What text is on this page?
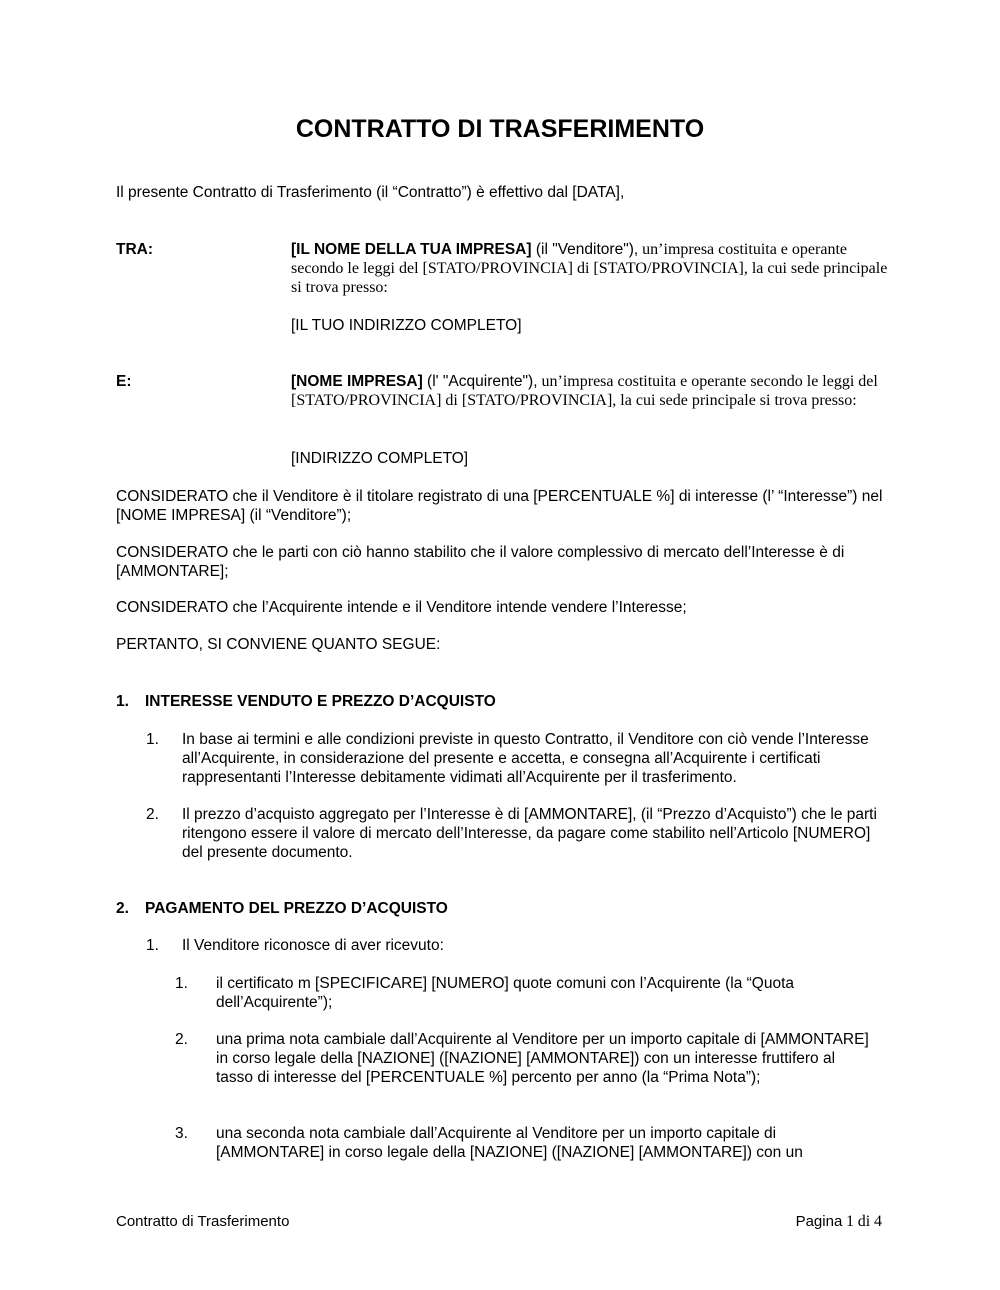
CONTRATTO DI TRASFERIMENTO
Il presente Contratto di Trasferimento (il “Contratto”) è effettivo dal [DATA],
TRA:	[IL NOME DELLA TUA IMPRESA] (il "Venditore"), un’impresa costituita e operante secondo le leggi del [STATO/PROVINCIA] di [STATO/PROVINCIA], la cui sede principale si trova presso:
[IL TUO INDIRIZZO COMPLETO]
E:	[NOME IMPRESA] (l' "Acquirente"), un’impresa costituita e operante secondo le leggi del [STATO/PROVINCIA] di [STATO/PROVINCIA], la cui sede principale si trova presso:
[INDIRIZZO COMPLETO]
CONSIDERATO che il Venditore è il titolare registrato di una [PERCENTUALE %] di interesse (l’ “Interesse”) nel [NOME IMPRESA] (il “Venditore”);
CONSIDERATO che le parti con ciò hanno stabilito che il valore complessivo di mercato dell’Interesse è di [AMMONTARE];
CONSIDERATO che l’Acquirente intende e il Venditore intende vendere l’Interesse;
PERTANTO, SI CONVIENE QUANTO SEGUE:
1. INTERESSE VENDUTO E PREZZO D’ACQUISTO
1. In base ai termini e alle condizioni previste in questo Contratto, il Venditore con ciò vende l’Interesse all’Acquirente, in considerazione del presente e accetta, e consegna all’Acquirente i certificati rappresentanti l’Interesse debitamente vidimati all’Acquirente per il trasferimento.
2. Il prezzo d’acquisto aggregato per l’Interesse è di [AMMONTARE], (il “Prezzo d’Acquisto”) che le parti ritengono essere il valore di mercato dell’Interesse, da pagare come stabilito nell’Articolo [NUMERO] del presente documento.
2. PAGAMENTO DEL PREZZO D’ACQUISTO
1. Il Venditore riconosce di aver ricevuto:
1. il certificato m [SPECIFICARE] [NUMERO] quote comuni con l’Acquirente (la “Quota dell’Acquirente”);
2. una prima nota cambiale dall’Acquirente al Venditore per un importo capitale di [AMMONTARE] in corso legale della [NAZIONE] ([NAZIONE] [AMMONTARE]) con un interesse fruttifero al tasso di interesse del [PERCENTUALE %] percento per anno (la “Prima Nota”);
3. una seconda nota cambiale dall’Acquirente al Venditore per un importo capitale di [AMMONTARE] in corso legale della [NAZIONE] ([NAZIONE] [AMMONTARE]) con un
Contratto di Trasferimento	Pagina 1 di 4
